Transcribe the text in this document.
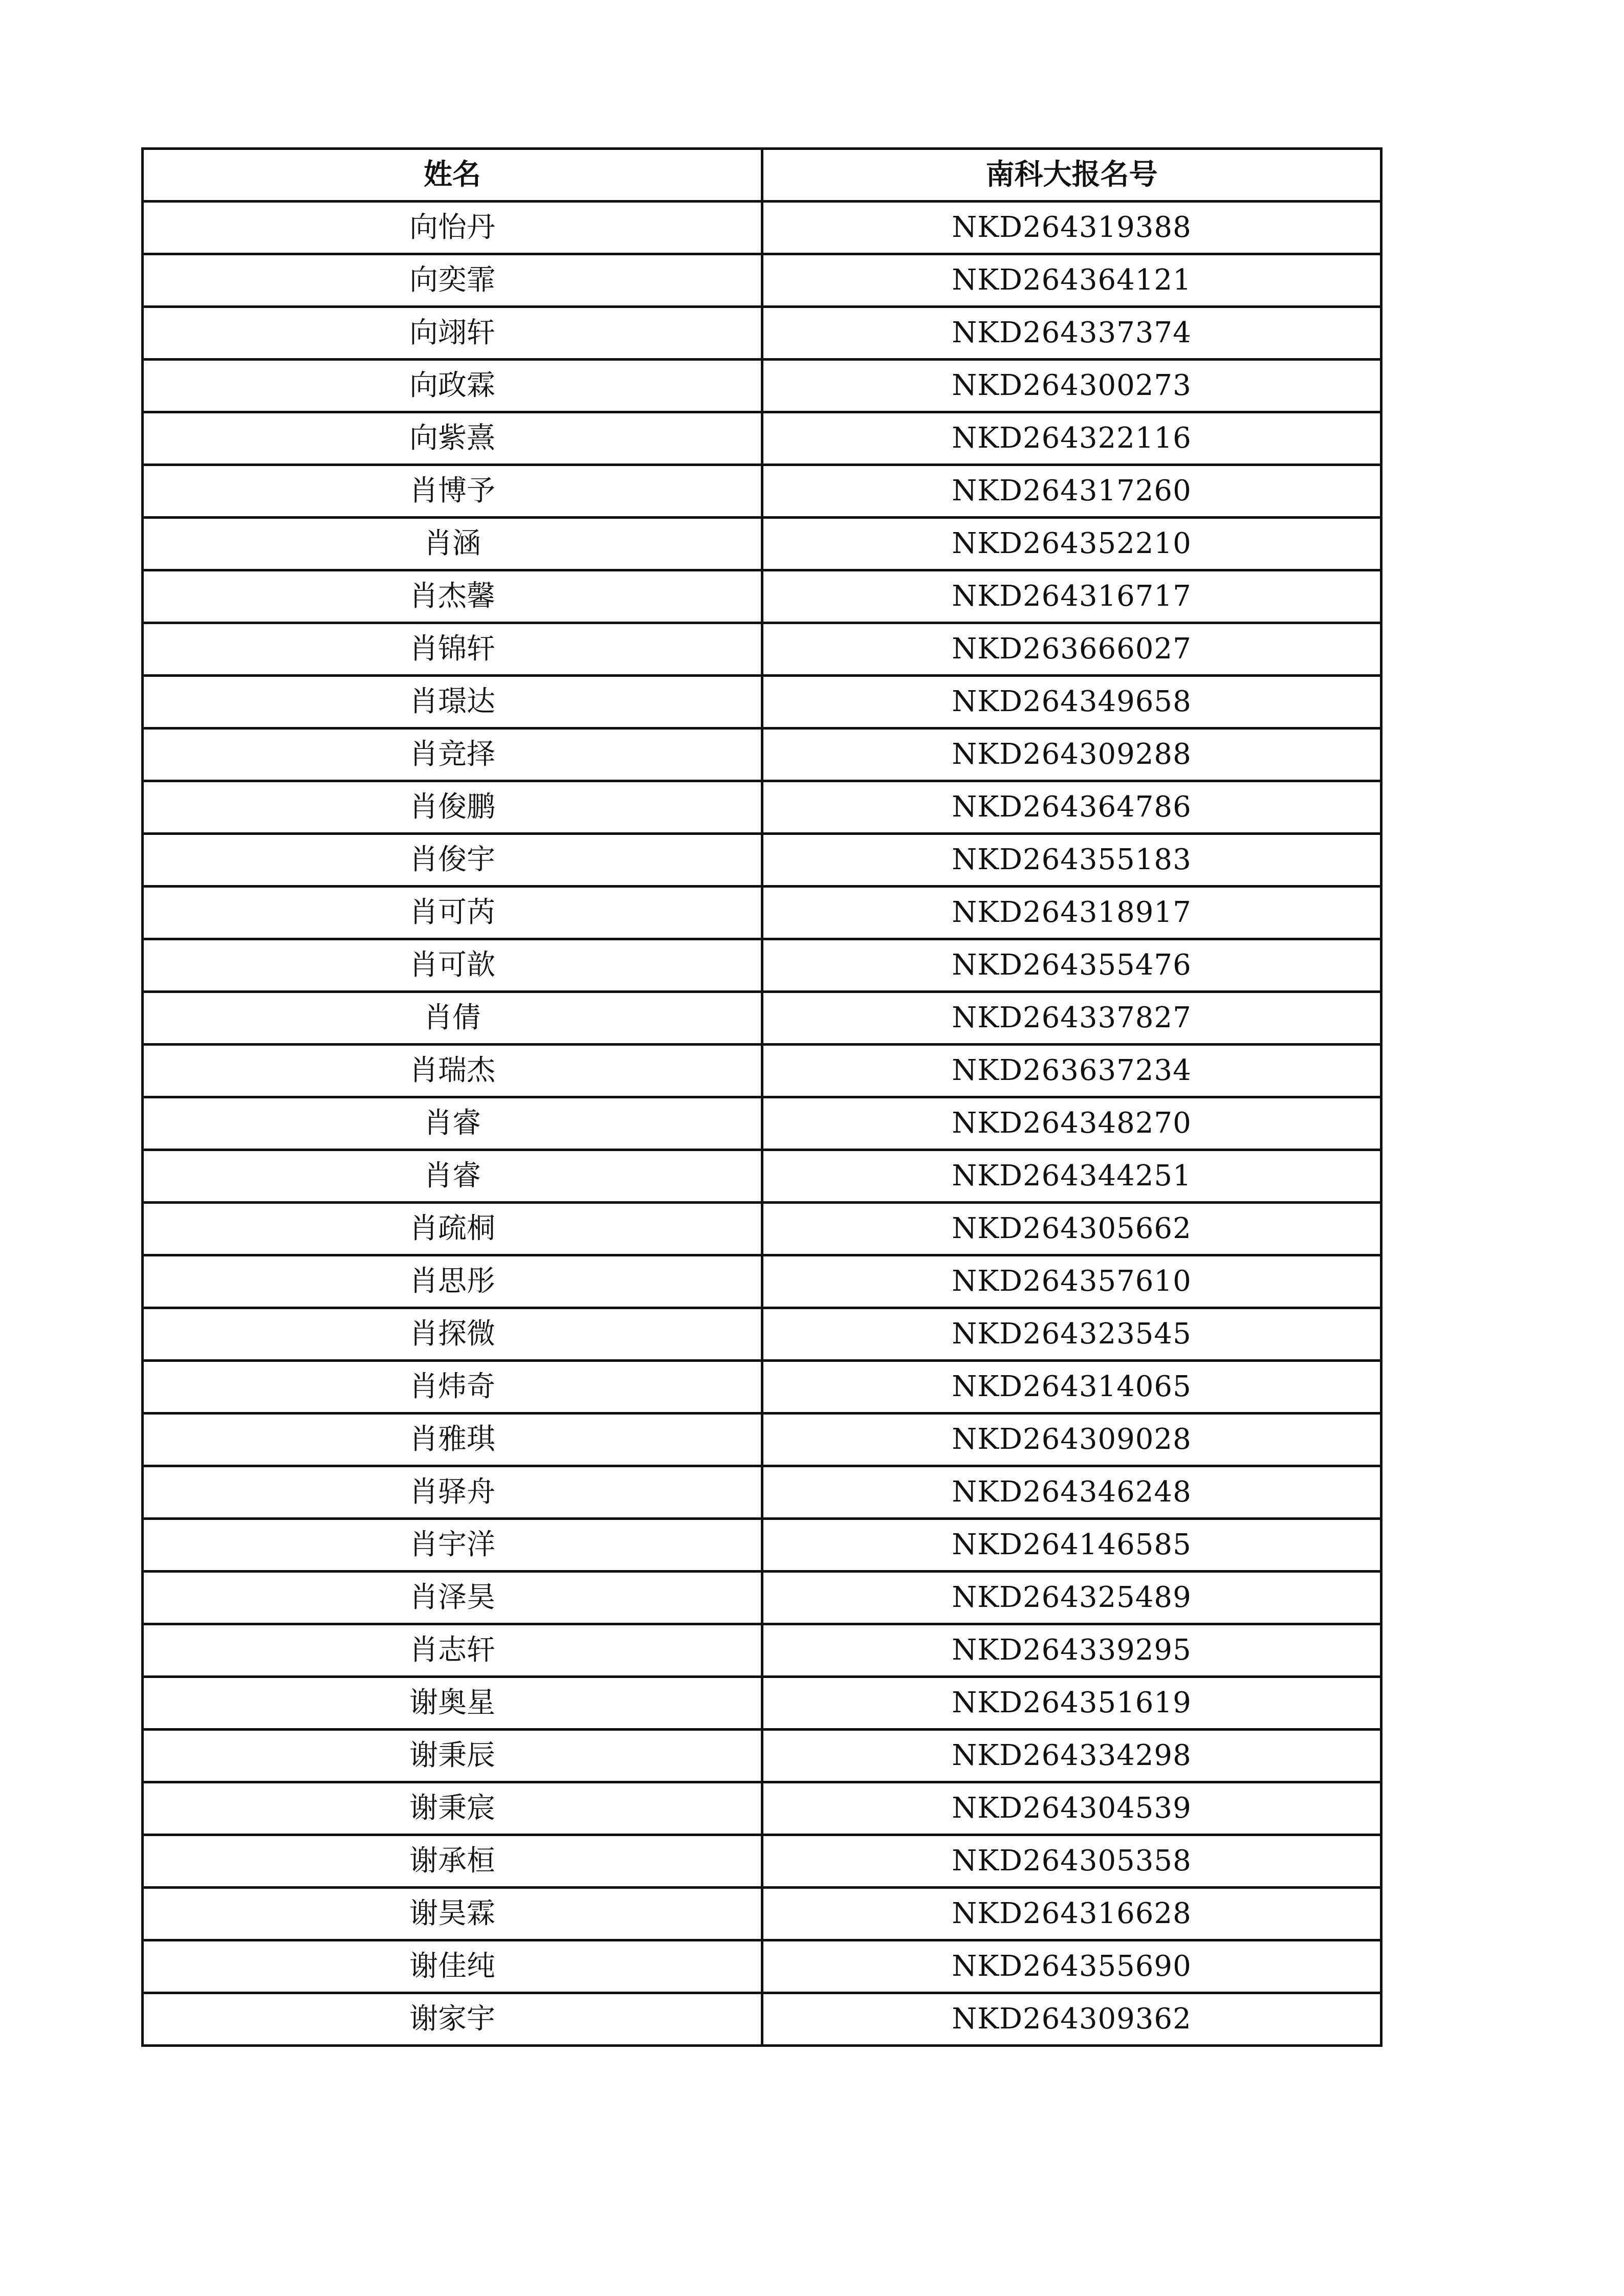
姓名	南科大报名号
向怡丹	NKD264319388
向奕霏	NKD264364121
向翊轩	NKD264337374
向政霖	NKD264300273
向紫熹	NKD264322116
肖博予	NKD264317260
肖涵	NKD264352210
肖杰馨	NKD264316717
肖锦轩	NKD263666027
肖璟达	NKD264349658
肖竞择	NKD264309288
肖俊鹏	NKD264364786
肖俊宇	NKD264355183
肖可芮	NKD264318917
肖可歆	NKD264355476
肖倩	NKD264337827
肖瑞杰	NKD263637234
肖睿	NKD264348270
肖睿	NKD264344251
肖疏桐	NKD264305662
肖思彤	NKD264357610
肖探微	NKD264323545
肖炜奇	NKD264314065
肖雅琪	NKD264309028
肖驿舟	NKD264346248
肖宇洋	NKD264146585
肖泽昊	NKD264325489
肖志轩	NKD264339295
谢奥星	NKD264351619
谢秉辰	NKD264334298
谢秉宸	NKD264304539
谢承桓	NKD264305358
谢昊霖	NKD264316628
谢佳纯	NKD264355690
谢家宇	NKD264309362
